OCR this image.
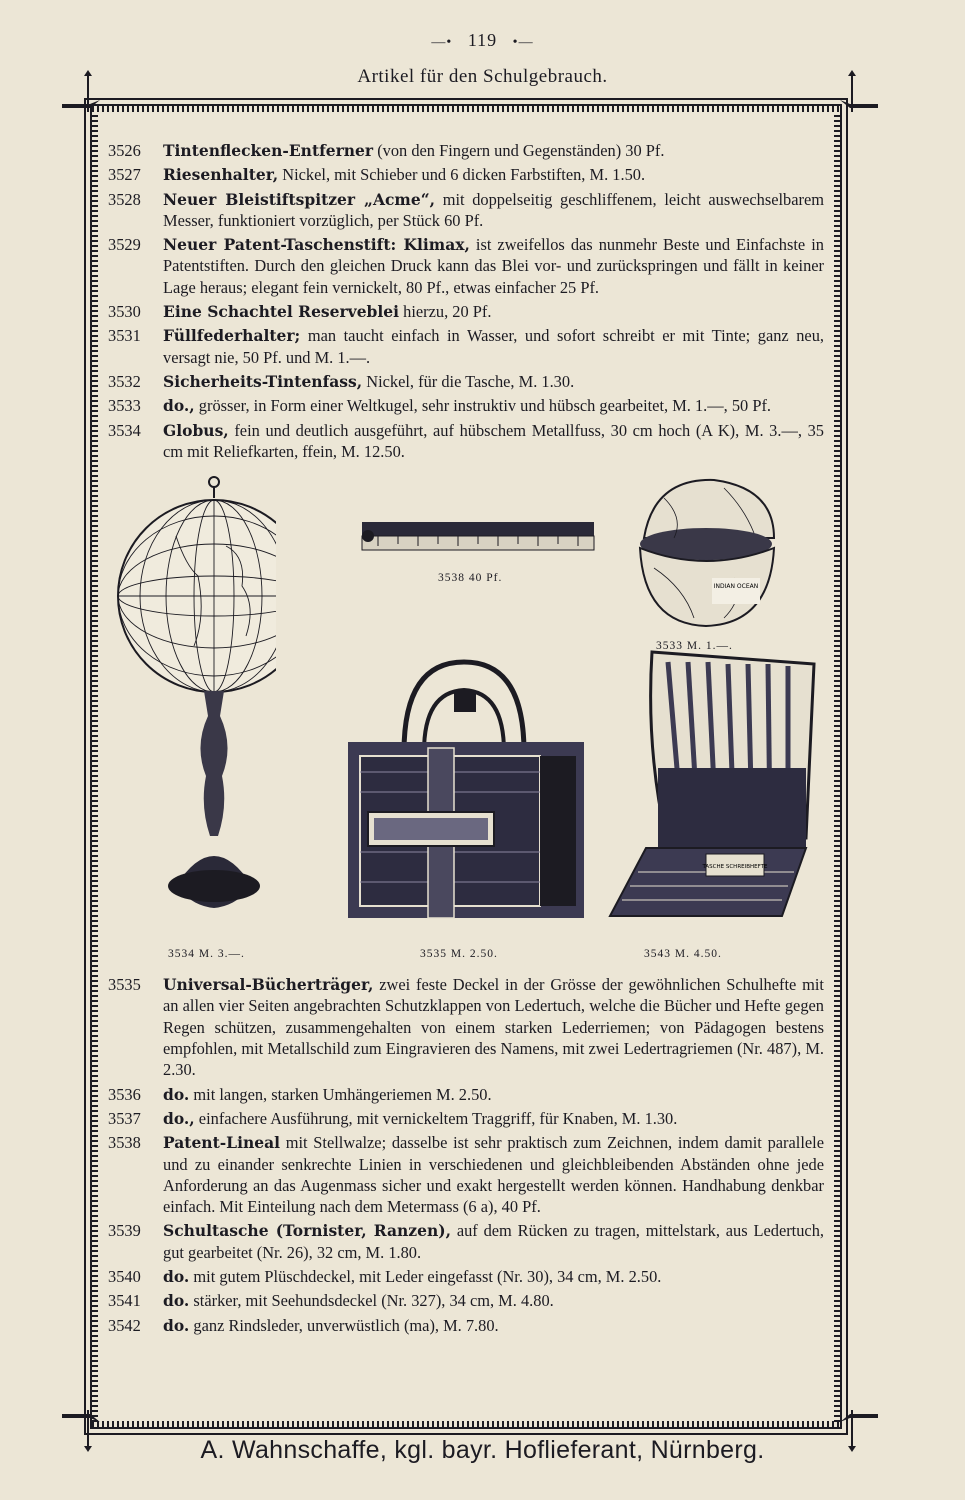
—• 119 •—
Artikel für den Schulgebrauch.
3526	Tintenflecken-Entferner (von den Fingern und Gegenständen) 30 Pf.
3527	Riesenhalter, Nickel, mit Schieber und 6 dicken Farbstiften, M. 1.50.
3528	Neuer Bleistiftspitzer „Acme“, mit doppelseitig geschliffenem, leicht auswechselbarem Messer, funktioniert vorzüglich, per Stück 60 Pf.
3529	Neuer Patent-Taschenstift: Klimax, ist zweifellos das nunmehr Beste und Einfachste in Patentstiften. Durch den gleichen Druck kann das Blei vor- und zurückspringen und fällt in keiner Lage heraus; elegant fein vernickelt, 80 Pf., etwas einfacher 25 Pf.
3530	Eine Schachtel Reserveblei hierzu, 20 Pf.
3531	Füllfederhalter; man taucht einfach in Wasser, und sofort schreibt er mit Tinte; ganz neu, versagt nie, 50 Pf. und M. 1.—.
3532	Sicherheits-Tintenfass, Nickel, für die Tasche, M. 1.30.
3533	do., grösser, in Form einer Weltkugel, sehr instruktiv und hübsch gearbeitet, M. 1.—, 50 Pf.
3534	Globus, fein und deutlich ausgeführt, auf hübschem Metallfuss, 30 cm hoch (A K), M. 3.—, 35 cm mit Reliefkarten, ffein, M. 12.50.
3534 M. 3.—.
3538 40 Pf.
INDIAN OCEAN
3533 M. 1.—.
3535 M. 2.50.
TASCHE SCHREIBHEFTE
3543 M. 4.50.
3535	Universal-Bücherträger, zwei feste Deckel in der Grösse der gewöhnlichen Schulhefte mit an allen vier Seiten angebrachten Schutzklappen von Ledertuch, welche die Bücher und Hefte gegen Regen schützen, zusammengehalten von einem starken Lederriemen; von Pädagogen bestens empfohlen, mit Metallschild zum Eingravieren des Namens, mit zwei Ledertragriemen (Nr. 487), M. 2.30.
3536	do. mit langen, starken Umhängeriemen M. 2.50.
3537	do., einfachere Ausführung, mit vernickeltem Traggriff, für Knaben, M. 1.30.
3538	Patent-Lineal mit Stellwalze; dasselbe ist sehr praktisch zum Zeichnen, indem damit parallele und zu einander senkrechte Linien in verschiedenen und gleichbleibenden Abständen ohne jede Anforderung an das Augenmass sicher und exakt hergestellt werden können. Handhabung denkbar einfach. Mit Einteilung nach dem Metermass (6 a), 40 Pf.
3539	Schultasche (Tornister, Ranzen), auf dem Rücken zu tragen, mittelstark, aus Ledertuch, gut gearbeitet (Nr. 26), 32 cm, M. 1.80.
3540	do. mit gutem Plüschdeckel, mit Leder eingefasst (Nr. 30), 34 cm, M. 2.50.
3541	do. stärker, mit Seehundsdeckel (Nr. 327), 34 cm, M. 4.80.
3542	do. ganz Rindsleder, unverwüstlich (ma), M. 7.80.
A. Wahnschaffe, kgl. bayr. Hoflieferant, Nürnberg.
